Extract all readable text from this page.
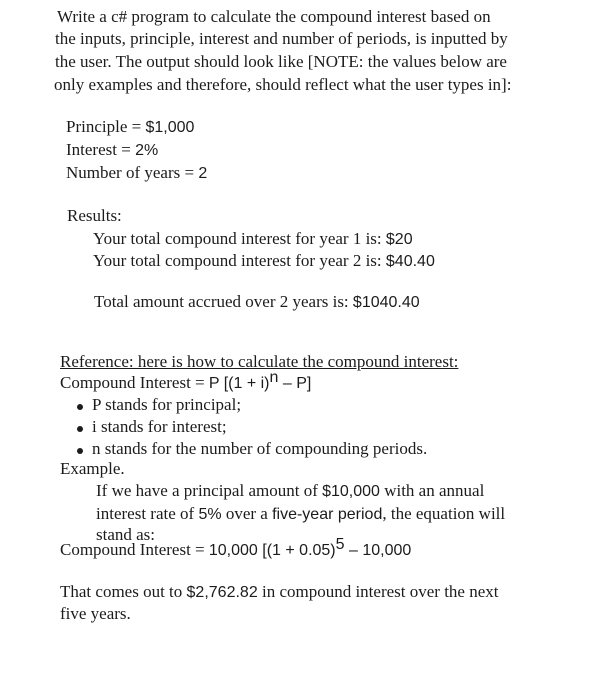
Write a c# program to calculate the compound interest based on
the inputs, principle, interest and number of periods, is inputted by
the user. The output should look like [NOTE: the values below are
only examples and therefore, should reflect what the user types in]:
Principle = $1,000
Interest = 2%
Number of years = 2
Results:
Your total compound interest for year 1 is: $20
Your total compound interest for year 2 is: $40.40
Total amount accrued over 2 years is: $1040.40
Reference: here is how to calculate the compound interest:
Compound Interest = P $[(1 + i)^n - P]$
P stands for principal;
i stands for interest;
n stands for the number of compounding periods.
Example.
If we have a principal amount of $10,000 with an annual
interest rate of 5% over a five-year period, the equation will
stand as:
Compound Interest = 10,000 [$(1 + 0.05)^5 - 10,000$
That comes out to $2,762.82 in compound interest over the next
five years.
